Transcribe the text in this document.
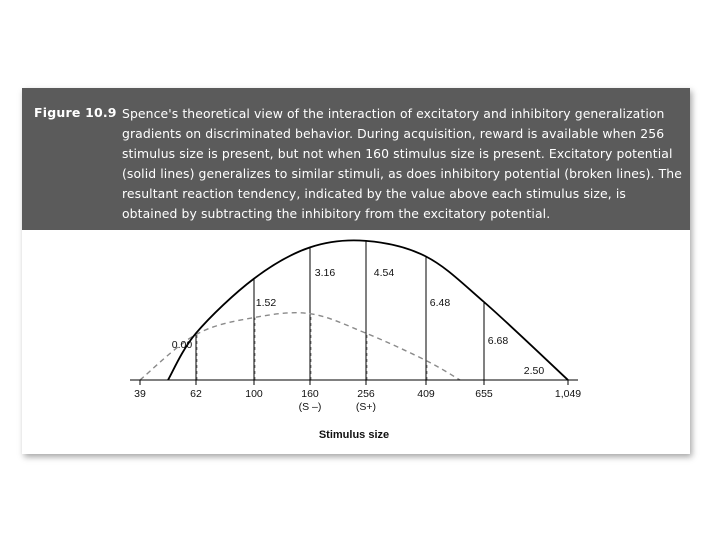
Figure 10.9 Spence's theoretical view of the interaction of excitatory and inhibitory generalization gradients on discriminated behavior. During acquisition, reward is available when 256 stimulus size is present, but not when 160 stimulus size is present. Excitatory potential (solid lines) generalizes to similar stimuli, as does inhibitory potential (broken lines). The resultant reaction tendency, indicated by the value above each stimulus size, is obtained by subtracting the inhibitory from the excitatory potential.
39	62	100	160
(S –)
256
(S+)
409	655	1,049
0.00
1.52
3.16	4.54
6.48
6.68
2.50
Stimulus size
